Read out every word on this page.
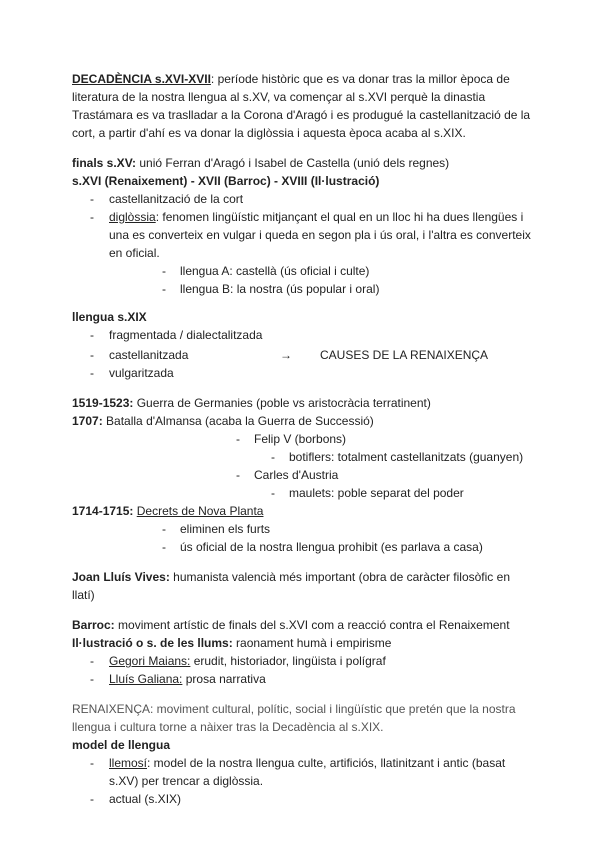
DECADÈNCIA s.XVI-XVII: període històric que es va donar tras la millor època de literatura de la nostra llengua al s.XV, va començar al s.XVI perquè la dinastia Trastámara es va traslladar a la Corona d'Aragó i es produgué la castellanització de la cort, a partir d'ahí es va donar la diglòssia i aquesta època acaba al s.XIX.
finals s.XV: unió Ferran d'Aragó i Isabel de Castella (unió dels regnes)
s.XVI (Renaixement) - XVII (Barroc) - XVIII (Il·lustració)
-	castellanització de la cort
-	diglòssia: fenomen lingüístic mitjançant el qual en un lloc hi ha dues llengües i una es converteix en vulgar i queda en segon pla i ús oral, i l'altra es converteix en oficial.
-	llengua A: castellà (ús oficial i culte)
-	llengua B: la nostra (ús popular i oral)
llengua s.XIX
-	fragmentada / dialectalitzada
-	castellanitzada	→ CAUSES DE LA RENAIXENÇA
-	vulgaritzada
1519-1523: Guerra de Germanies (poble vs aristocràcia terratinent)
1707: Batalla d'Almansa (acaba la Guerra de Successió)
- Felip V (borbons)
- botiflers: totalment castellanitzats (guanyen)
- Carles d'Austria
- maulets: poble separat del poder
1714-1715: Decrets de Nova Planta
-	eliminen els furts
-	ús oficial de la nostra llengua prohibit (es parlava a casa)
Joan Lluís Vives: humanista valencià més important (obra de caràcter filosòfic en llatí)
Barroc: moviment artístic de finals del s.XVI com a reacció contra el Renaixement
Il·lustració o s. de les llums: raonament humà i empirisme
-	Gegori Maians: erudit, historiador, lingüista i polígraf
-	Lluís Galiana: prosa narrativa
RENAIXENÇA: moviment cultural, polític, social i lingüístic que pretén que la nostra llengua i cultura torne a nàixer tras la Decadència al s.XIX.
model de llengua
-	llemosí: model de la nostra llengua culte, artificiós, llatinitzant i antic (basat s.XV) per trencar a diglòssia.
-	actual (s.XIX)
